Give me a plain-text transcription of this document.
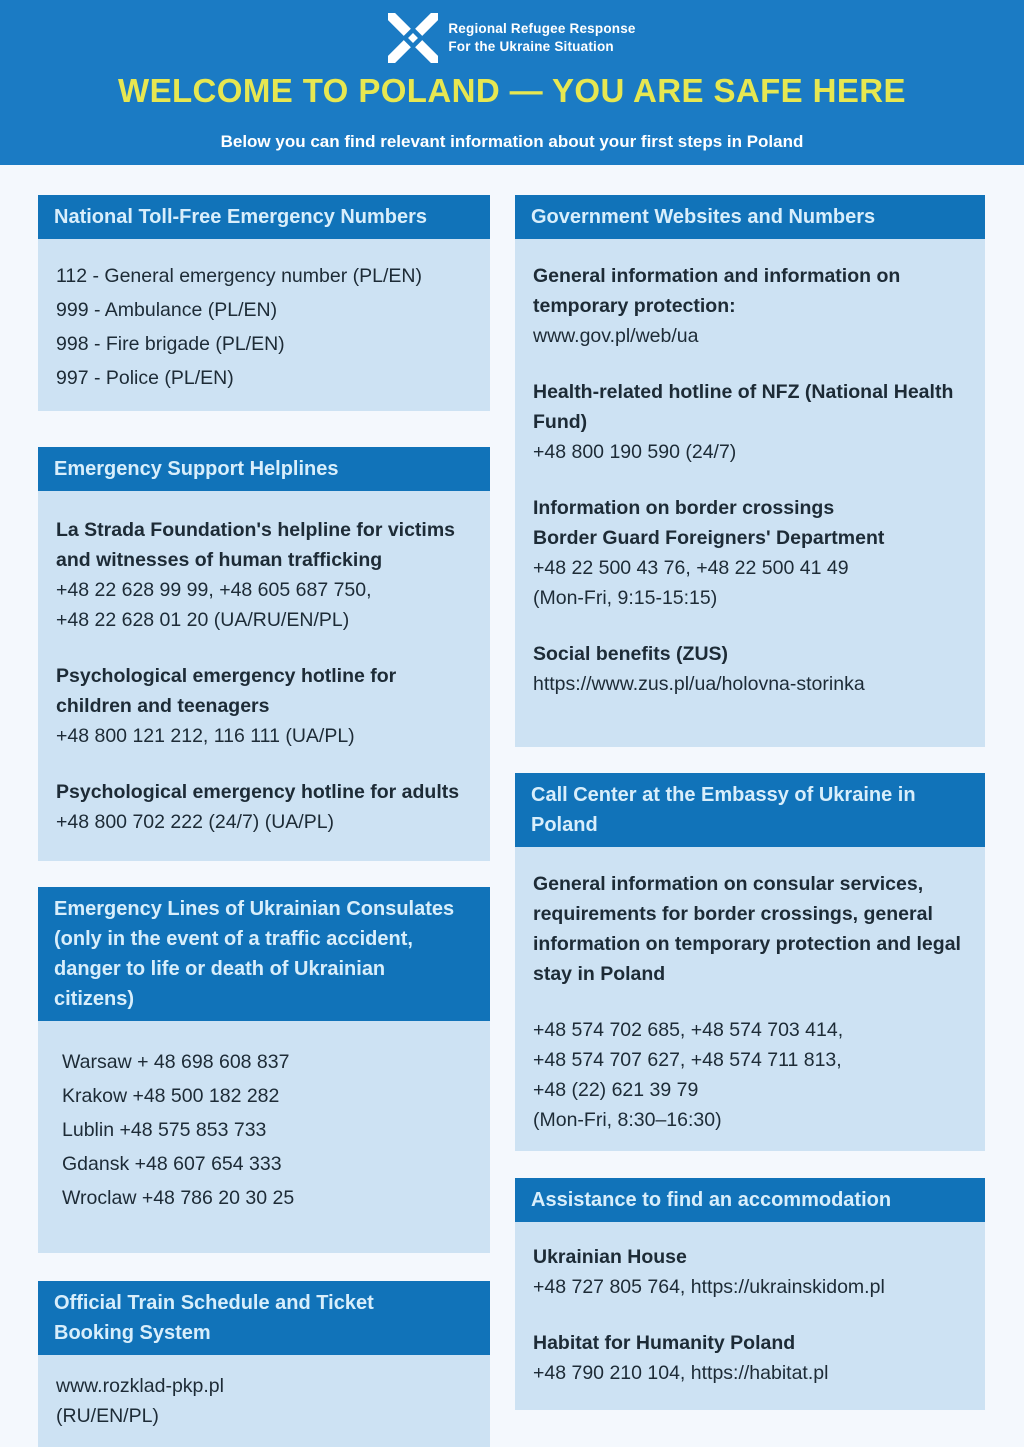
Regional Refugee Response
For the Ukraine Situation
WELCOME TO POLAND — YOU ARE SAFE HERE
Below you can find relevant information about your first steps in Poland
National Toll-Free Emergency Numbers

112 - General emergency number (PL/EN)

999 - Ambulance (PL/EN)

998 - Fire brigade (PL/EN)

997 - Police (PL/EN)

Emergency Support Helplines

La Strada Foundation's helpline for victims and witnesses of human trafficking

+48 22 628 99 99, +48 605 687 750,

+48 22 628 01 20 (UA/RU/EN/PL)

Psychological emergency hotline for children and teenagers

+48 800 121 212, 116 111 (UA/PL)

Psychological emergency hotline for adults

+48 800 702 222 (24/7) (UA/PL)

Emergency Lines of Ukrainian Consulates (only in the event of a traffic accident, danger to life or death of Ukrainian citizens)

Warsaw + 48 698 608 837

Krakow +48 500 182 282

Lublin +48 575 853 733

Gdansk +48 607 654 333

Wroclaw +48 786 20 30 25

Official Train Schedule and Ticket Booking System

www.rozklad-pkp.pl

(RU/EN/PL)

Government Websites and Numbers

General information and information on temporary protection:

www.gov.pl/web/ua

Health-related hotline of NFZ (National Health Fund)

+48 800 190 590 (24/7)

Information on border crossings

Border Guard Foreigners' Department

+48 22 500 43 76, +48 22 500 41 49

(Mon-Fri, 9:15-15:15)

Social benefits (ZUS)

https://www.zus.pl/ua/holovna-storinka

Call Center at the Embassy of Ukraine in Poland

General information on consular services, requirements for border crossings, general information on temporary protection and legal stay in Poland

+48 574 702 685, +48 574 703 414,

+48 574 707 627, +48 574 711 813,

+48 (22) 621 39 79

(Mon-Fri, 8:30–16:30)

Assistance to find an accommodation

Ukrainian House

+48 727 805 764, https://ukrainskidom.pl

Habitat for Humanity Poland

+48 790 210 104, https://habitat.pl
